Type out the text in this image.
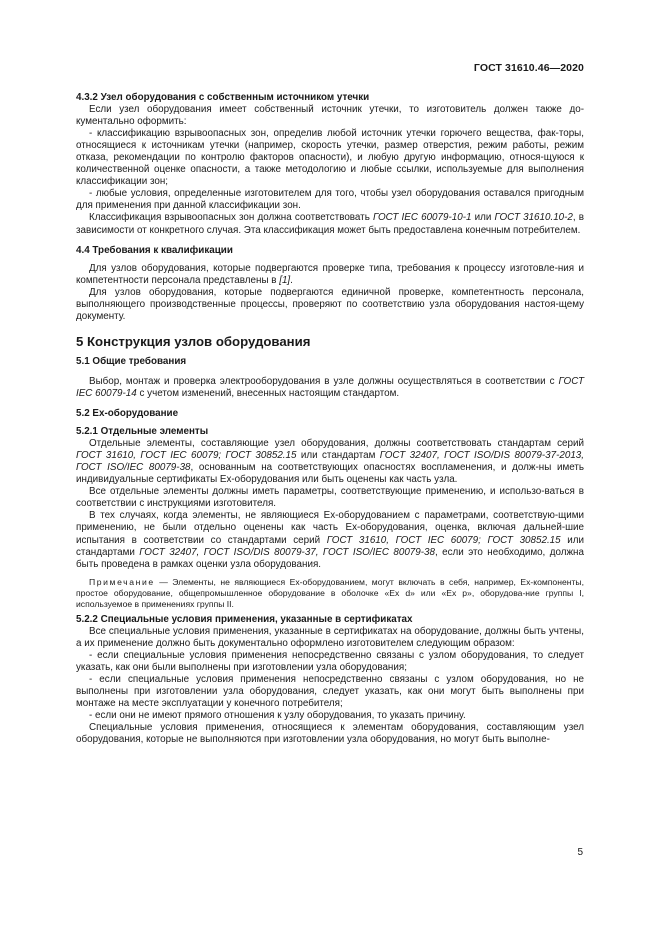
ГОСТ 31610.46—2020

4.3.2 Узел оборудования с собственным источником утечки

Если узел оборудования имеет собственный источник утечки, то изготовитель должен также до-кументально оформить:

- классификацию взрывоопасных зон, определив любой источник утечки горючего вещества, фак-торы, относящиеся к источникам утечки (например, скорость утечки, размер отверстия, режим работы, режим отказа, рекомендации по контролю факторов опасности), и любую другую информацию, относя-щуюся к количественной оценке опасности, а также методологию и любые ссылки, используемые для выполнения классификации зон;

- любые условия, определенные изготовителем для того, чтобы узел оборудования оставался пригодным для применения при данной классификации зон.

Классификация взрывоопасных зон должна соответствовать ГОСТ IEC 60079-10-1 или ГОСТ 31610.10-2, в зависимости от конкретного случая. Эта классификация может быть предоставлена конечным потребителем.

4.4 Требования к квалификации

Для узлов оборудования, которые подвергаются проверке типа, требования к процессу изготовле-ния и компетентности персонала представлены в [1].

Для узлов оборудования, которые подвергаются единичной проверке, компетентность персонала, выполняющего производственные процессы, проверяют по соответствию узла оборудования настоя-щему документу.

5 Конструкция узлов оборудования

5.1 Общие требования

Выбор, монтаж и проверка электрооборудования в узле должны осуществляться в соответствии с ГОСТ IEC 60079-14 с учетом изменений, внесенных настоящим стандартом.

5.2 Ex-оборудование

5.2.1 Отдельные элементы

Отдельные элементы, составляющие узел оборудования, должны соответствовать стандартам серий ГОСТ 31610, ГОСТ IEC 60079; ГОСТ 30852.15 или стандартам ГОСТ 32407, ГОСТ ISO/DIS 80079-37-2013, ГОСТ ISO/IEC 80079-38, основанным на соответствующих опасностях воспламенения, и долж-ны иметь индивидуальные сертификаты Ex-оборудования или быть оценены как часть узла.

Все отдельные элементы должны иметь параметры, соответствующие применению, и использо-ваться в соответствии с инструкциями изготовителя.

В тех случаях, когда элементы, не являющиеся Ex-оборудованием с параметрами, соответствую-щими применению, не были отдельно оценены как часть Ex-оборудования, оценка, включая дальней-шие испытания в соответствии со стандартами серий ГОСТ 31610, ГОСТ IEC 60079; ГОСТ 30852.15 или стандартами ГОСТ 32407, ГОСТ ISO/DIS 80079-37, ГОСТ ISO/IEC 80079-38, если это необходимо, должна быть проведена в рамках оценки узла оборудования.

Примечание — Элементы, не являющиеся Ex-оборудованием, могут включать в себя, например, Ex-компоненты, простое оборудование, общепромышленное оборудование в оболочке «Ex d» или «Ex p», оборудова-ние группы I, используемое в применениях группы II.

5.2.2 Специальные условия применения, указанные в сертификатах

Все специальные условия применения, указанные в сертификатах на оборудование, должны быть учтены, а их применение должно быть документально оформлено изготовителем следующим образом:

- если специальные условия применения непосредственно связаны с узлом оборудования, то следует указать, как они были выполнены при изготовлении узла оборудования;

- если специальные условия применения непосредственно связаны с узлом оборудования, но не выполнены при изготовлении узла оборудования, следует указать, как они могут быть выполнены при монтаже на месте эксплуатации у конечного потребителя;

- если они не имеют прямого отношения к узлу оборудования, то указать причину.

Специальные условия применения, относящиеся к элементам оборудования, составляющим узел оборудования, которые не выполняются при изготовлении узла оборудования, но могут быть выполне-

5
